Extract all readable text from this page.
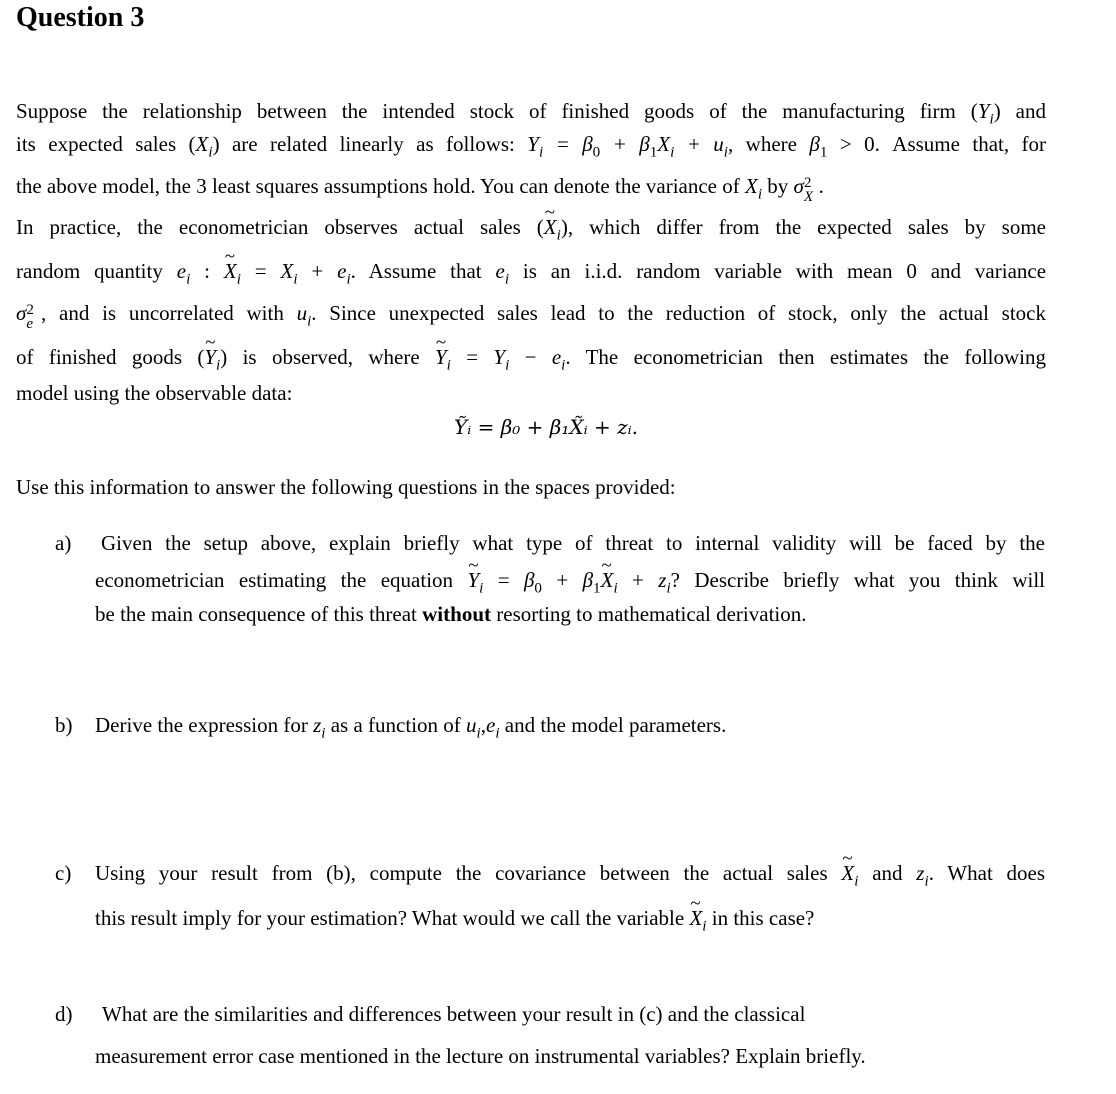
Question 3
Suppose the relationship between the intended stock of finished goods of the manufacturing firm $(Y_i)$ and
its expected sales $(X_i)$ are related linearly as follows: $Y_i = \beta_0 + \beta_1X_i + u_i$, where $\beta_1 > 0$. Assume that, for
the above model, the 3 least squares assumptions hold. You can denote the variance of $X_i$ by σ 2
X .
In practice, the econometrician observes actual sales (~ $X_i$), which differ from the expected sales by some
random quantity $e_i$ : ~ $X_i = X_i + e_i$. Assume that $e_i$ is an i.i.d. random variable with mean 0 and variance
σ 2
e , and is uncorrelated with $u_i$. Since unexpected sales lead to the reduction of stock, only the actual stock
of finished goods (~ $Y_i$) is observed, where ~ $Y_i = Y_i - e_i$. The econometrician then estimates the following
model using the observable data:
Ỹᵢ = β₀ + β₁X̃ᵢ + zᵢ.
Use this information to answer the following questions in the spaces provided:
a) Given the setup above, explain briefly what type of threat to internal validity will be faced by the
econometrician estimating the equation ~ $Y_i = \beta_0$ + $\beta_1\sim$ $X_i + z_i$? Describe briefly what you think will
be the main consequence of this threat without resorting to mathematical derivation.
b) Derive the expression for $z_i$ as a function of $u_i,e_i$ and the model parameters.
c) Using your result from (b), compute the covariance between the actual sales ~ $X_i$ and $z_i$. What does
this result imply for your estimation? What would we call the variable ~ $X_i$ in this case?
d) What are the similarities and differences between your result in (c) and the classical
measurement error case mentioned in the lecture on instrumental variables? Explain briefly.
